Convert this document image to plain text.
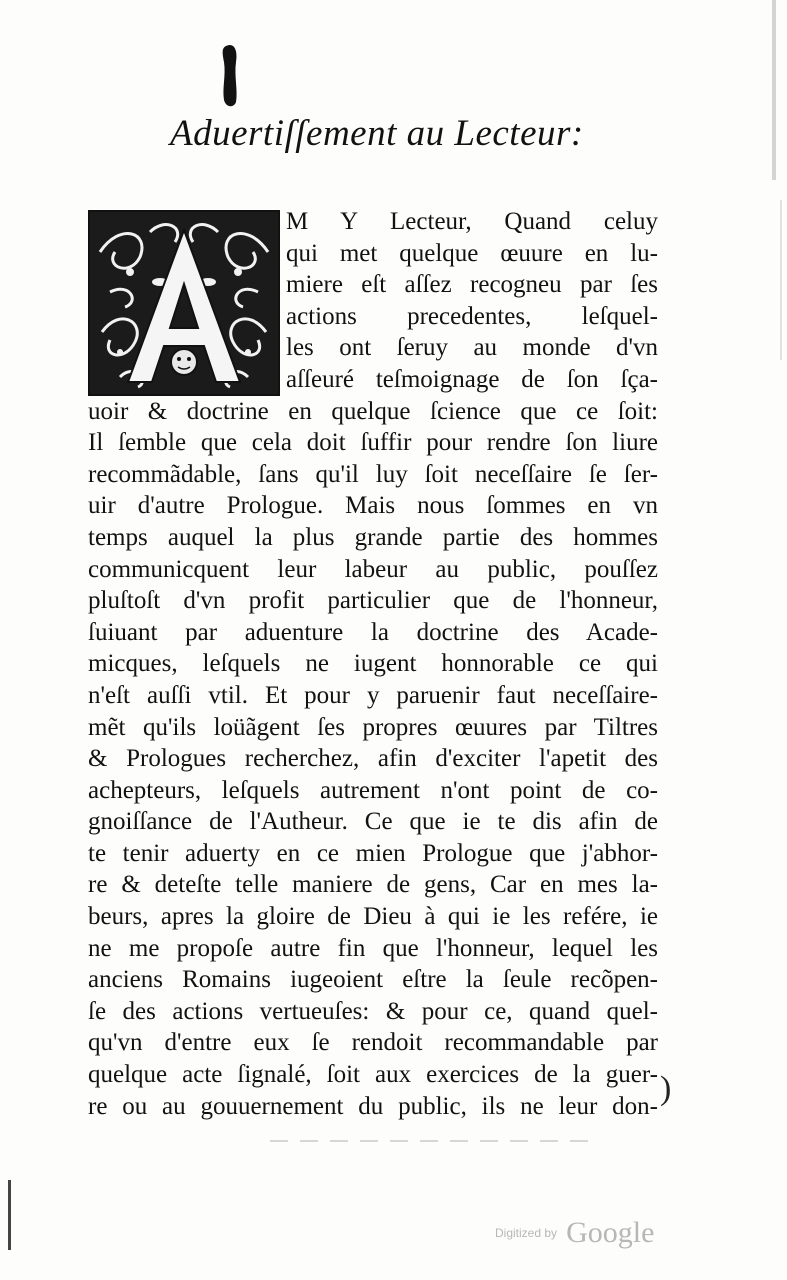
Aduertiſſement au Lecteur:
M Y Lecteur, Quand celuy
qui met quelque œuure en lu-
miere eſt aſſez recogneu par ſes
actions precedentes, leſquel-
les ont ſeruy au monde d'vn
aſſeuré teſmoignage de ſon ſça-
uoir & doctrine en quelque ſcience que ce ſoit:
Il ſemble que cela doit ſuffir pour rendre ſon liure
recommãdable, ſans qu'il luy ſoit neceſſaire ſe ſer-
uir d'autre Prologue. Mais nous ſommes en vn
temps auquel la plus grande partie des hommes
communicquent leur labeur au public, pouſſez
pluſtoſt d'vn profit particulier que de l'honneur,
ſuiuant par aduenture la doctrine des Acade-
micques, leſquels ne iugent honnorable ce qui
n'eſt auſſi vtil. Et pour y paruenir faut neceſſaire-
mẽt qu'ils loüãgent ſes propres œuures par Tiltres
& Prologues recherchez, afin d'exciter l'apetit des
achepteurs, leſquels autrement n'ont point de co-
gnoiſſance de l'Autheur. Ce que ie te dis afin de
te tenir aduerty en ce mien Prologue que j'abhor-
re & deteſte telle maniere de gens, Car en mes la-
beurs, apres la gloire de Dieu à qui ie les refére, ie
ne me propoſe autre fin que l'honneur, lequel les
anciens Romains iugeoient eſtre la ſeule recõpen-
ſe des actions vertueuſes: & pour ce, quand quel-
qu'vn d'entre eux ſe rendoit recommandable par
quelque acte ſignalé, ſoit aux exercices de la guer-
re ou au gouuernement du public, ils ne leur don- )
Digitized by Google
